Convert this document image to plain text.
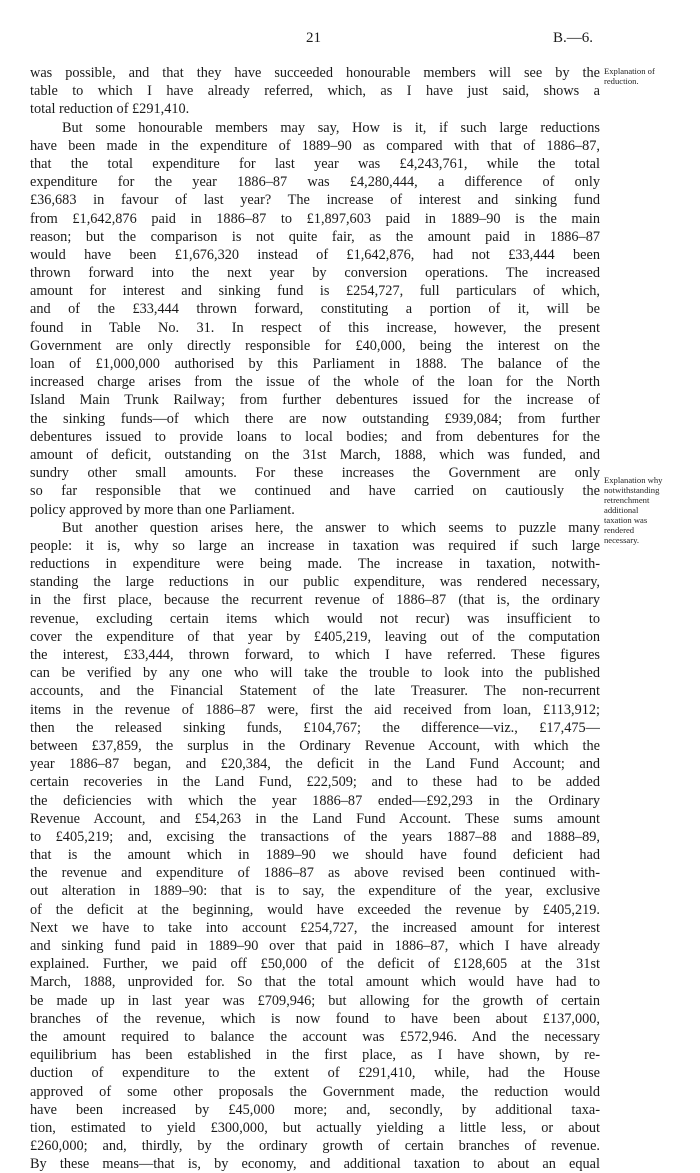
21	B.—6.
was possible, and that they have succeeded honourable members will see by the
table to which I have already referred, which, as I have just said, shows a
total reduction of £291,410.
But some honourable members may say, How is it, if such large reductions
have been made in the expenditure of 1889–90 as compared with that of 1886–87,
that the total expenditure for last year was £4,243,761, while the total
expenditure for the year 1886–87 was £4,280,444, a difference of only
£36,683 in favour of last year? The increase of interest and sinking fund
from £1,642,876 paid in 1886–87 to £1,897,603 paid in 1889–90 is the main
reason; but the comparison is not quite fair, as the amount paid in 1886–87
would have been £1,676,320 instead of £1,642,876, had not £33,444 been
thrown forward into the next year by conversion operations. The increased
amount for interest and sinking fund is £254,727, full particulars of which,
and of the £33,444 thrown forward, constituting a portion of it, will be
found in Table No. 31. In respect of this increase, however, the present
Government are only directly responsible for £40,000, being the interest on the
loan of £1,000,000 authorised by this Parliament in 1888. The balance of the
increased charge arises from the issue of the whole of the loan for the North
Island Main Trunk Railway; from further debentures issued for the increase of
the sinking funds—of which there are now outstanding £939,084; from further
debentures issued to provide loans to local bodies; and from debentures for the
amount of deficit, outstanding on the 31st March, 1888, which was funded, and
sundry other small amounts. For these increases the Government are only
so far responsible that we continued and have carried on cautiously the
policy approved by more than one Parliament.
But another question arises here, the answer to which seems to puzzle many
people: it is, why so large an increase in taxation was required if such large
reductions in expenditure were being made. The increase in taxation, notwith-
standing the large reductions in our public expenditure, was rendered necessary,
in the first place, because the recurrent revenue of 1886–87 (that is, the ordinary
revenue, excluding certain items which would not recur) was insufficient to
cover the expenditure of that year by £405,219, leaving out of the computation
the interest, £33,444, thrown forward, to which I have referred. These figures
can be verified by any one who will take the trouble to look into the published
accounts, and the Financial Statement of the late Treasurer. The non-recurrent
items in the revenue of 1886–87 were, first the aid received from loan, £113,912;
then the released sinking funds, £104,767; the difference—viz., £17,475—
between £37,859, the surplus in the Ordinary Revenue Account, with which the
year 1886–87 began, and £20,384, the deficit in the Land Fund Account; and
certain recoveries in the Land Fund, £22,509; and to these had to be added
the deficiencies with which the year 1886–87 ended—£92,293 in the Ordinary
Revenue Account, and £54,263 in the Land Fund Account. These sums amount
to £405,219; and, excising the transactions of the years 1887–88 and 1888–89,
that is the amount which in 1889–90 we should have found deficient had
the revenue and expenditure of 1886–87 as above revised been continued with-
out alteration in 1889–90: that is to say, the expenditure of the year, exclusive
of the deficit at the beginning, would have exceeded the revenue by £405,219.
Next we have to take into account £254,727, the increased amount for interest
and sinking fund paid in 1889–90 over that paid in 1886–87, which I have already
explained. Further, we paid off £50,000 of the deficit of £128,605 at the 31st
March, 1888, unprovided for. So that the total amount which would have had to
be made up in last year was £709,946; but allowing for the growth of certain
branches of the revenue, which is now found to have been about £137,000,
the amount required to balance the account was £572,946. And the necessary
equilibrium has been established in the first place, as I have shown, by re-
duction of expenditure to the extent of £291,410, while, had the House
approved of some other proposals the Government made, the reduction would
have been increased by £45,000 more; and, secondly, by additional taxa-
tion, estimated to yield £300,000, but actually yielding a little less, or about
£260,000; and, thirdly, by the ordinary growth of certain branches of revenue.
By these means—that is, by economy, and additional taxation to about an equal
Explanation of
reduction.
Explanation why
notwithstanding
retrenchment
additional
taxation was
rendered
necessary.
